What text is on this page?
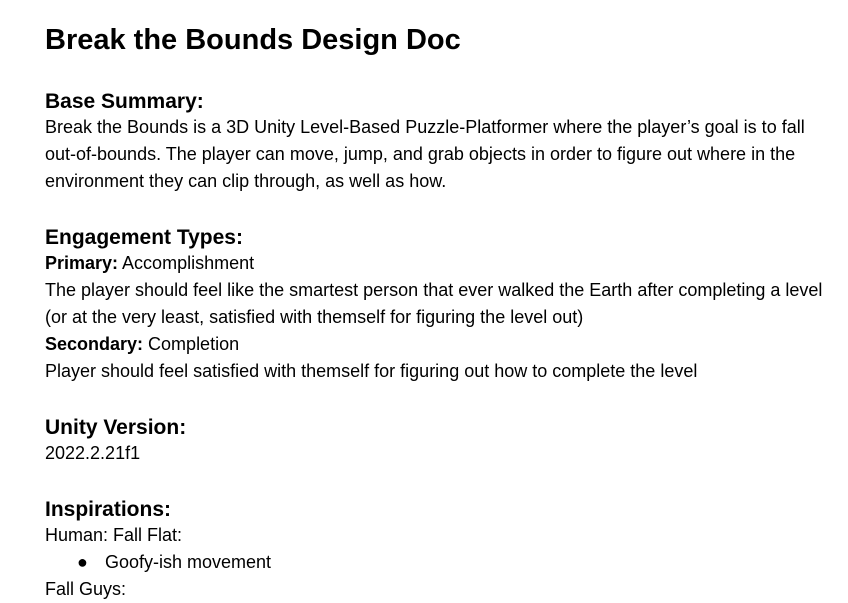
Break the Bounds Design Doc
Base Summary:

Break the Bounds is a 3D Unity Level-Based Puzzle-Platformer where the player’s goal is to fall out-of-bounds. The player can move, jump, and grab objects in order to figure out where in the environment they can clip through, as well as how.

Engagement Types:

Primary: Accomplishment

The player should feel like the smartest person that ever walked the Earth after completing a level (or at the very least, satisfied with themself for figuring the level out)

Secondary: Completion

Player should feel satisfied with themself for figuring out how to complete the level

Unity Version:

2022.2.21f1

Inspirations:

Human: Fall Flat:

● Goofy-ish movement

Fall Guys:
